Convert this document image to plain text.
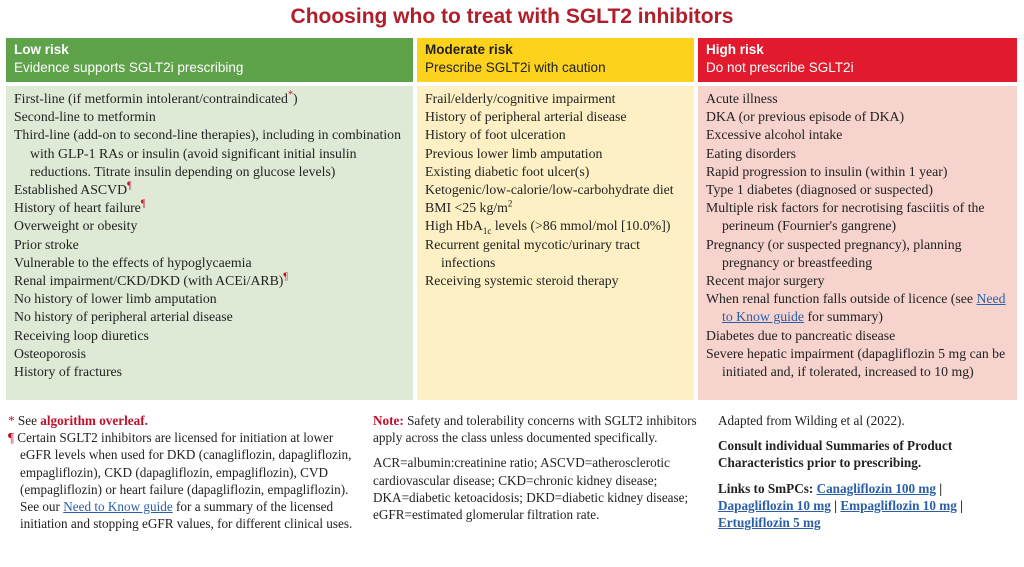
Choosing who to treat with SGLT2 inhibitors
Low risk
Evidence supports SGLT2i prescribing
First-line (if metformin intolerant/contraindicated*)
Second-line to metformin
Third-line (add-on to second-line therapies), including in combination with GLP-1 RAs or insulin (avoid significant initial insulin reductions. Titrate insulin depending on glucose levels)
Established ASCVD¶
History of heart failure¶
Overweight or obesity
Prior stroke
Vulnerable to the effects of hypoglycaemia
Renal impairment/CKD/DKD (with ACEi/ARB)¶
No history of lower limb amputation
No history of peripheral arterial disease
Receiving loop diuretics
Osteoporosis
History of fractures
Moderate risk
Prescribe SGLT2i with caution
Frail/elderly/cognitive impairment
History of peripheral arterial disease
History of foot ulceration
Previous lower limb amputation
Existing diabetic foot ulcer(s)
Ketogenic/low-calorie/low-carbohydrate diet
BMI <25 $kg/m^2$
High HbA$_{1c}$ levels (>86 mmol/mol [10.0%])
Recurrent genital mycotic/urinary tract infections
Receiving systemic steroid therapy
High risk
Do not prescribe SGLT2i
Acute illness
DKA (or previous episode of DKA)
Excessive alcohol intake
Eating disorders
Rapid progression to insulin (within 1 year)
Type 1 diabetes (diagnosed or suspected)
Multiple risk factors for necrotising fasciitis of the perineum (Fournier's gangrene)
Pregnancy (or suspected pregnancy), planning pregnancy or breastfeeding
Recent major surgery
When renal function falls outside of licence (see Need to Know guide for summary)
Diabetes due to pancreatic disease
Severe hepatic impairment (dapagliflozin 5 mg can be initiated and, if tolerated, increased to 10 mg)
* See algorithm overleaf.
¶ Certain SGLT2 inhibitors are licensed for initiation at lower eGFR levels when used for DKD (canagliflozin, dapagliflozin, empagliflozin), CKD (dapagliflozin, empagliflozin), CVD (empagliflozin) or heart failure (dapagliflozin, empagliflozin). See our Need to Know guide for a summary of the licensed initiation and stopping eGFR values, for different clinical uses.
Note: Safety and tolerability concerns with SGLT2 inhibitors apply across the class unless documented specifically.
ACR=albumin:creatinine ratio; ASCVD=atherosclerotic cardiovascular disease; CKD=chronic kidney disease; DKA=diabetic ketoacidosis; DKD=diabetic kidney disease; eGFR=estimated glomerular filtration rate.
Adapted from Wilding et al (2022).
Consult individual Summaries of Product Characteristics prior to prescribing.
Links to SmPCs: Canagliflozin 100 mg | Dapagliflozin 10 mg | Empagliflozin 10 mg | Ertugliflozin 5 mg
